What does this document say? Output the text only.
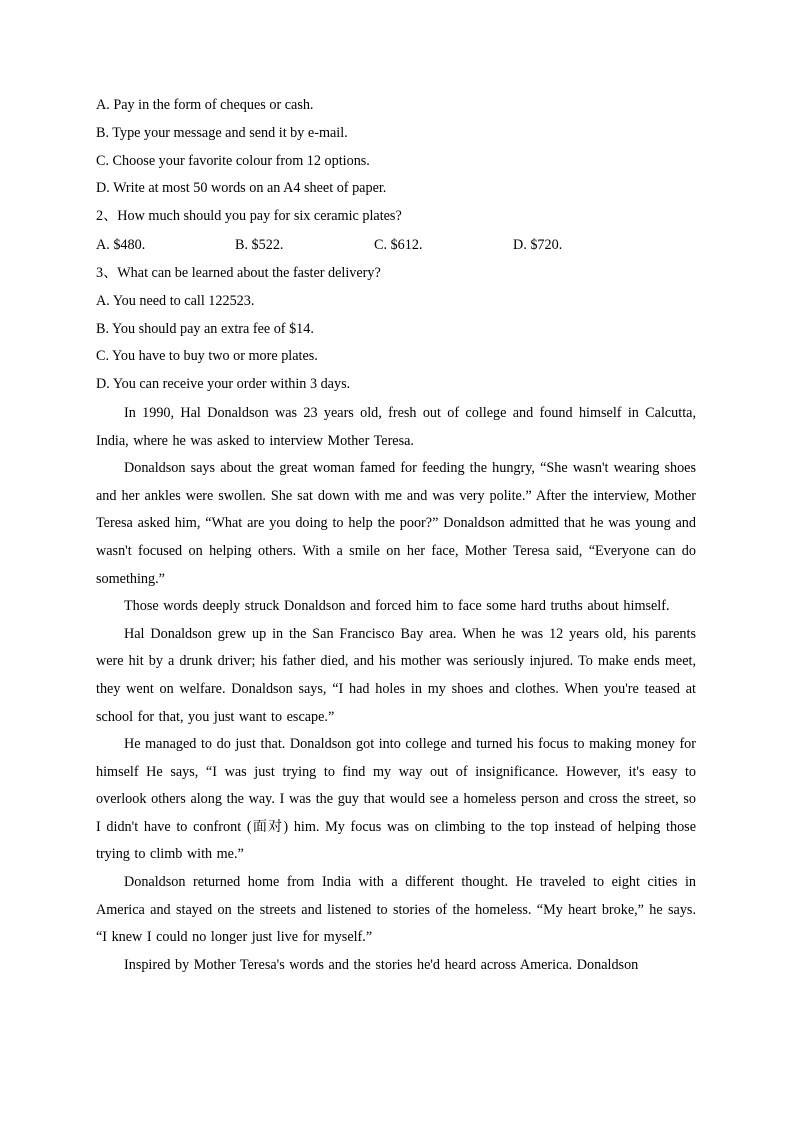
A. Pay in the form of cheques or cash.
B. Type your message and send it by e-mail.
C. Choose your favorite colour from 12 options.
D. Write at most 50 words on an A4 sheet of paper.
2、How much should you pay for six ceramic plates?
A. $480.	B. $522.	C. $612.	D. $720.
3、What can be learned about the faster delivery?
A. You need to call 122523.
B. You should pay an extra fee of $14.
C. You have to buy two or more plates.
D. You can receive your order within 3 days.

In 1990, Hal Donaldson was 23 years old, fresh out of college and found himself in Calcutta, India, where he was asked to interview Mother Teresa.

Donaldson says about the great woman famed for feeding the hungry, “She wasn't wearing shoes and her ankles were swollen. She sat down with me and was very polite.” After the interview, Mother Teresa asked him, “What are you doing to help the poor?” Donaldson admitted that he was young and wasn't focused on helping others. With a smile on her face, Mother Teresa said, “Everyone can do something.”

Those words deeply struck Donaldson and forced him to face some hard truths about himself.

Hal Donaldson grew up in the San Francisco Bay area. When he was 12 years old, his parents were hit by a drunk driver; his father died, and his mother was seriously injured. To make ends meet, they went on welfare. Donaldson says, “I had holes in my shoes and clothes. When you're teased at school for that, you just want to escape.”

He managed to do just that. Donaldson got into college and turned his focus to making money for himself He says, “I was just trying to find my way out of insignificance. However, it's easy to overlook others along the way. I was the guy that would see a homeless person and cross the street, so I didn't have to confront (面对) him. My focus was on climbing to the top instead of helping those trying to climb with me.”

Donaldson returned home from India with a different thought. He traveled to eight cities in America and stayed on the streets and listened to stories of the homeless. “My heart broke,” he says. “I knew I could no longer just live for myself.”

Inspired by Mother Teresa's words and the stories he'd heard across America. Donaldson
